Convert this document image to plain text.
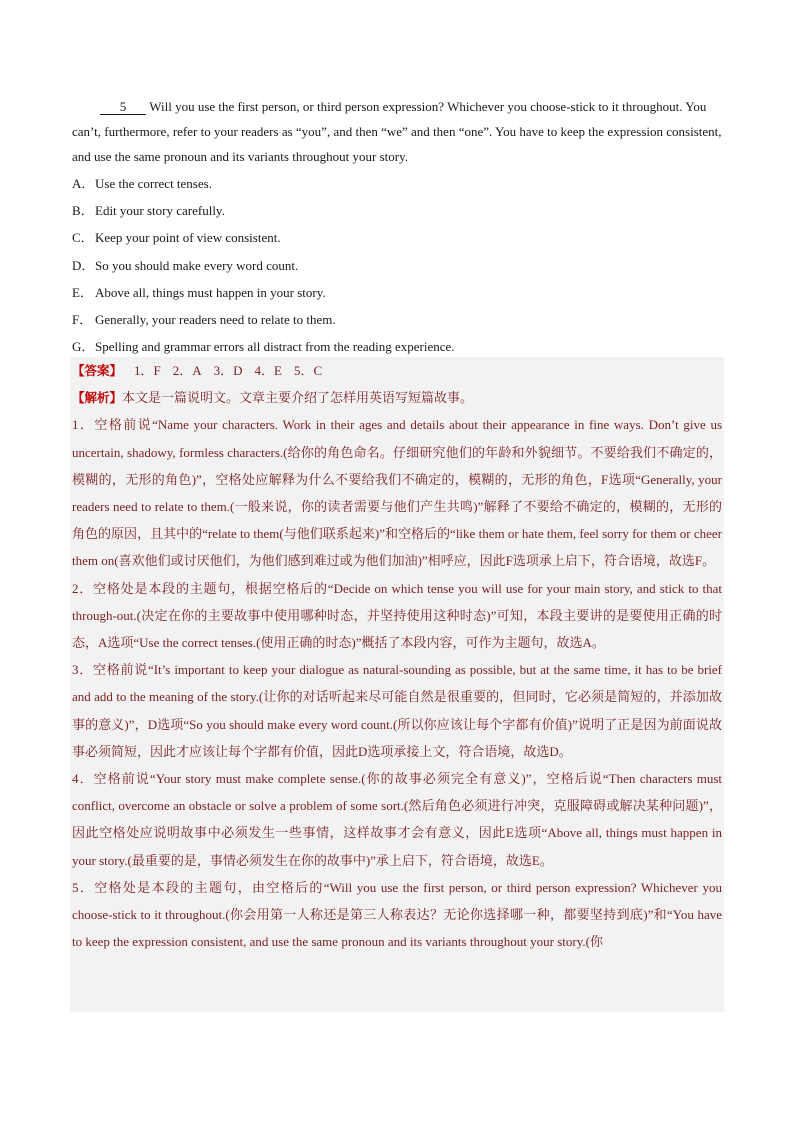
5 Will you use the first person, or third person expression? Whichever you choose-stick to it throughout. You can’t, furthermore, refer to your readers as “you”, and then “we” and then “one”. You have to keep the expression consistent, and use the same pronoun and its variants throughout your story.

A．Use the correct tenses.
B．Edit your story carefully.
C．Keep your point of view consistent.
D．So you should make every word count.
E． Above all, things must happen in your story.
F． Generally, your readers need to relate to them.
G．Spelling and grammar errors all distract from the reading experience.
【答案】 1．F 2．A 3．D 4．E 5．C
【解析】本文是一篇说明文。文章主要介绍了怎样用英语写短篇故事。

1．空格前说“Name your characters. Work in their ages and details about their appearance in fine ways. Don’t give us uncertain, shadowy, formless characters.(给你的角色命名。仔细研究他们的年龄和外貌细节。不要给我们不确定的，模糊的，无形的角色)”，空格处应解释为什么不要给我们不确定的，模糊的，无形的角色，F选项“Generally, your readers need to relate to them.(一般来说，你的读者需要与他们产生共鸣)”解释了不要给不确定的，模糊的，无形的角色的原因，且其中的“relate to them(与他们联系起来)”和空格后的“like them or hate them, feel sorry for them or cheer them on(喜欢他们或讨厌他们，为他们感到难过或为他们加油)”相呼应，因此F选项承上启下，符合语境，故选F。

2．空格处是本段的主题句，根据空格后的“Decide on which tense you will use for your main story, and stick to that through-out.(决定在你的主要故事中使用哪种时态，并坚持使用这种时态)”可知，本段主要讲的是要使用正确的时态，A选项“Use the correct tenses.(使用正确的时态)”概括了本段内容，可作为主题句，故选A。

3．空格前说“It’s important to keep your dialogue as natural-sounding as possible, but at the same time, it has to be brief and add to the meaning of the story.(让你的对话听起来尽可能自然是很重要的，但同时，它必须是简短的，并添加故事的意义)”，D选项“So you should make every word count.(所以你应该让每个字都有价值)”说明了正是因为前面说故事必须简短，因此才应该让每个字都有价值，因此D选项承接上文，符合语境，故选D。

4．空格前说“Your story must make complete sense.(你的故事必须完全有意义)”，空格后说“Then characters must conflict, overcome an obstacle or solve a problem of some sort.(然后角色必须进行冲突，克服障碍或解决某种问题)”，因此空格处应说明故事中必须发生一些事情，这样故事才会有意义，因此E选项“Above all, things must happen in your story.(最重要的是，事情必须发生在你的故事中)”承上启下，符合语境，故选E。

5．空格处是本段的主题句，由空格后的“Will you use the first person, or third person expression? Whichever you choose-stick to it throughout.(你会用第一人称还是第三人称表达？无论你选择哪一种，都要坚持到底)”和“You have to keep the expression consistent, and use the same pronoun and its variants throughout your story.(你
